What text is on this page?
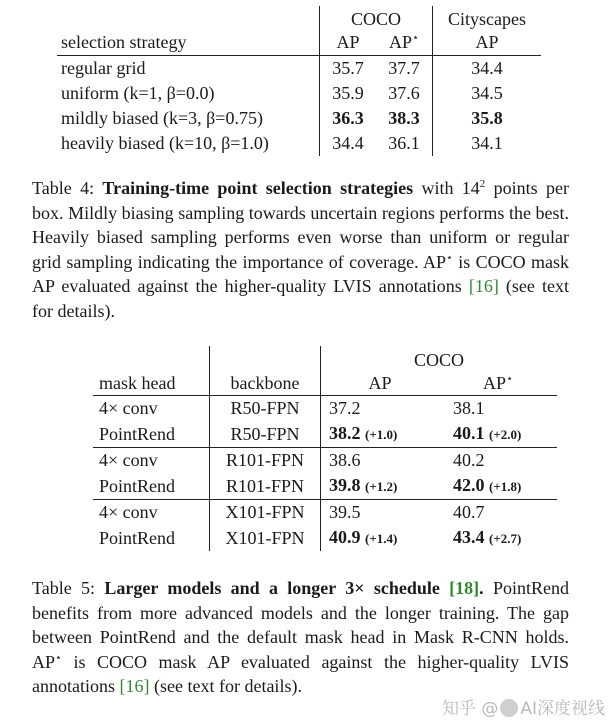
	COCO		Cityscapes
selection strategy	AP	AP⋆	AP
regular grid	35.7	37.7	34.4
uniform (k=1, β=0.0)	35.9	37.6	34.5
mildly biased (k=3, β=0.75)	36.3	38.3	35.8
heavily biased (k=10, β=1.0)	34.4	36.1	34.1
Table 4: Training-time point selection strategies with $14^2$ points per box. Mildly biasing sampling towards uncertain regions performs the best. Heavily biased sampling performs even worse than uniform or regular grid sampling indicating the importance of coverage. AP⋆ is COCO mask AP evaluated against the higher-quality LVIS annotations [16] (see text for details).
		COCO	
mask head	backbone	AP	AP⋆
4× conv	R50-FPN	37.2	38.1
PointRend	R50-FPN	38.2 (+1.0)	40.1 (+2.0)
4× conv	R101-FPN	38.6	40.2
PointRend	R101-FPN	39.8 (+1.2)	42.0 (+1.8)
4× conv	X101-FPN	39.5	40.7
PointRend	X101-FPN	40.9 (+1.4)	43.4 (+2.7)
Table 5: Larger models and a longer 3× schedule [18]. PointRend benefits from more advanced models and the longer training. The gap between PointRend and the default mask head in Mask R-CNN holds. AP⋆ is COCO mask AP evaluated against the higher-quality LVIS annotations [16] (see text for details).
知乎 @ AI深度视线
